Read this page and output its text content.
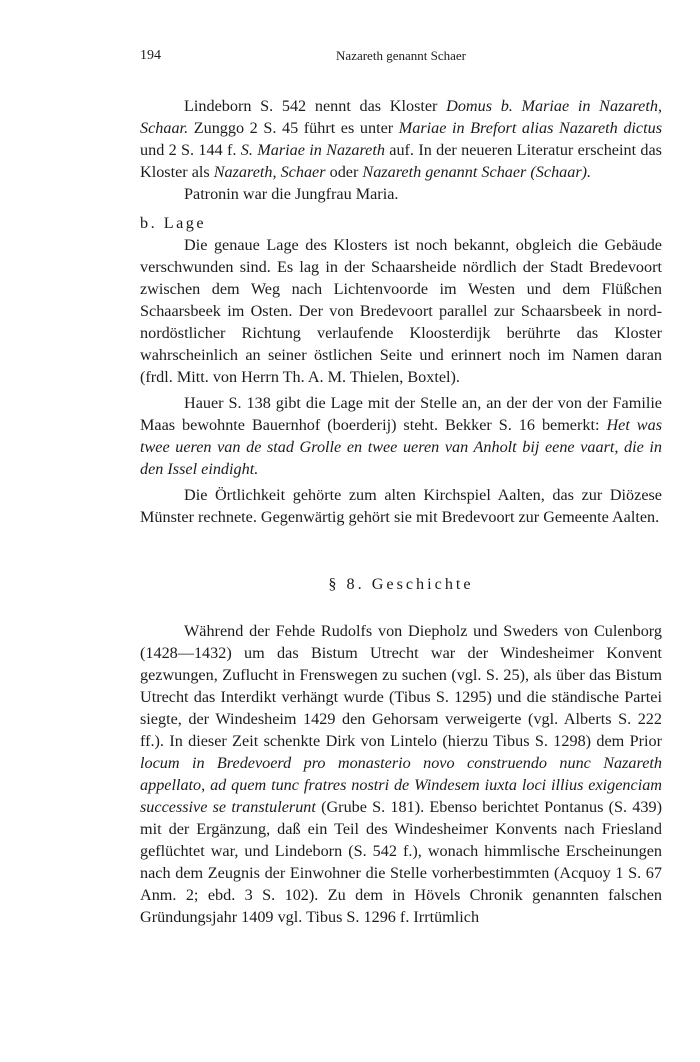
194	Nazareth genannt Schaer

Lindeborn S. 542 nennt das Kloster Domus b. Mariae in Nazareth, Schaar. Zunggo 2 S. 45 führt es unter Mariae in Brefort alias Nazareth dictus und 2 S. 144 f. S. Mariae in Nazareth auf. In der neueren Literatur erscheint das Kloster als Nazareth, Schaer oder Nazareth genannt Schaer (Schaar).

Patronin war die Jungfrau Maria.

b. Lage

Die genaue Lage des Klosters ist noch bekannt, obgleich die Gebäude verschwunden sind. Es lag in der Schaarsheide nördlich der Stadt Bredevoort zwischen dem Weg nach Lichtenvoorde im Westen und dem Flüßchen Schaarsbeek im Osten. Der von Bredevoort parallel zur Schaarsbeek in nord-nordöstlicher Richtung verlaufende Kloosterdijk berührte das Kloster wahrscheinlich an seiner östlichen Seite und erinnert noch im Namen daran (frdl. Mitt. von Herrn Th. A. M. Thielen, Boxtel).

Hauer S. 138 gibt die Lage mit der Stelle an, an der der von der Familie Maas bewohnte Bauernhof (boerderij) steht. Bekker S. 16 bemerkt: Het was twee ueren van de stad Grolle en twee ueren van Anholt bij eene vaart, die in den Issel eindight.

Die Örtlichkeit gehörte zum alten Kirchspiel Aalten, das zur Diözese Münster rechnete. Gegenwärtig gehört sie mit Bredevoort zur Gemeente Aalten.

§ 8. Geschichte

Während der Fehde Rudolfs von Diepholz und Sweders von Culenborg (1428—1432) um das Bistum Utrecht war der Windesheimer Konvent gezwungen, Zuflucht in Frenswegen zu suchen (vgl. S. 25), als über das Bistum Utrecht das Interdikt verhängt wurde (Tibus S. 1295) und die ständische Partei siegte, der Windesheim 1429 den Gehorsam verweigerte (vgl. Alberts S. 222 ff.). In dieser Zeit schenkte Dirk von Lintelo (hierzu Tibus S. 1298) dem Prior locum in Bredevoerd pro monasterio novo construendo nunc Nazareth appellato, ad quem tunc fratres nostri de Windesem iuxta loci illius exigenciam successive se transtulerunt (Grube S. 181). Ebenso berichtet Pontanus (S. 439) mit der Ergänzung, daß ein Teil des Windesheimer Konvents nach Friesland geflüchtet war, und Lindeborn (S. 542 f.), wonach himmlische Erscheinungen nach dem Zeugnis der Einwohner die Stelle vorherbestimmten (Acquoy 1 S. 67 Anm. 2; ebd. 3 S. 102). Zu dem in Hövels Chronik genannten falschen Gründungsjahr 1409 vgl. Tibus S. 1296 f. Irrtümlich
